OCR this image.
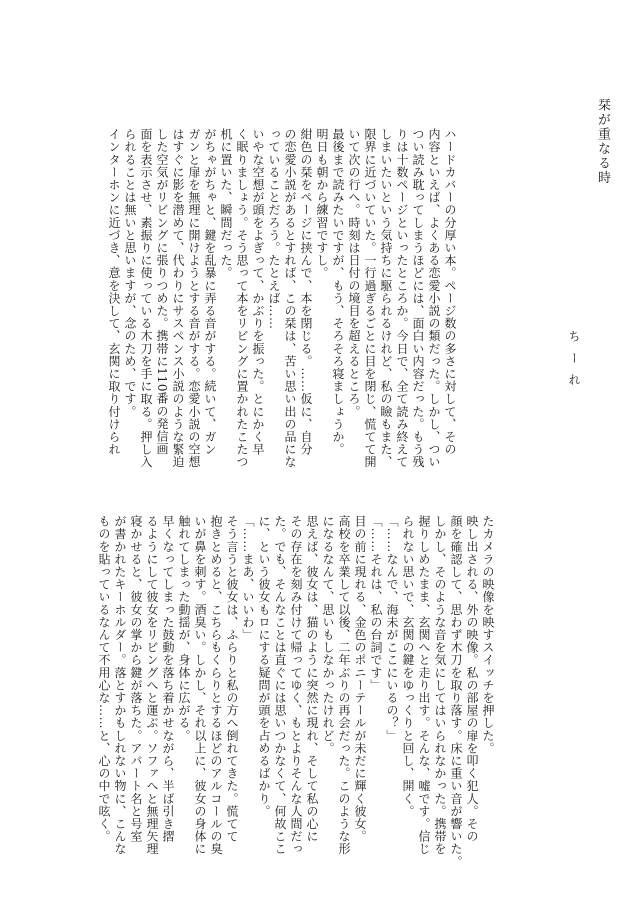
栞が重なる時
ち ー れ
ハードカバーの分厚い本。ページ数の多さに対して、その
内容といえば、よくある恋愛小説の類だった。しかし、つい
つい読み耽ってしまうほどには、面白い内容だった。もう残
りは十数ページといったところか。今日で、全て読み終えて
しまいたいという気持ちに駆られるけれど、私の瞼もまた、
限界に近づいていた。一行過ぎるごとに目を閉じ、慌てて開
いて次の行へ。時刻は日付の境目を超えるところ。
最後まで読みたいですが、もう、そろそろ寝ましょうか。
明日も朝から練習ですし。
紺色の栞をページに挟んで、本を閉じる。……仮に、自分
の恋愛小説があるとすれば、この栞は、苦い思い出の品にな
っていることだろう。たとえば……
いやな空想が頭をよぎって、かぶりを振った。とにかく早
く眠りましょう。そう思って本をリビングに置かれたこたつ
机に置いた、瞬間だった。
がちゃがちゃと、鍵を乱暴に弄る音がする。続いて、ガン
ガンと扉を無理に開けようとする音がする。恋愛小説の空想
はすぐに影を潜めて、代わりにサスペンス小説のような緊迫
した空気がリビングに張りつめた。携帯に110番の発信画
面を表示させ、素振りに使っている木刀を手に取る。押し入
られることは無いと思いますが、念のため、です。
インターホンに近づき、意を決して、玄関に取り付けられ
たカメラの映像を映すスイッチを押した。
映し出される、外の映像。私の部屋の扉を叩く犯人。その
顔を確認して、思わず木刀を取り落す。床に重い音が響いた。
しかし、そのような音を気にしてはいられなかった。携帯を
握りしめたまま、玄関へと走り出す。そんな、嘘です。信じ
られない思いで、玄関の鍵をゆっくりと回し、開く。
「……なんで、海未がここにいるの？」
「……それは、私の台詞です」
目の前に現れる、金色のポニーテールが未だに輝く彼女。
高校を卒業して以後、二年ぶりの再会だった。このような形
になるなんて、思いもしなかったけれど。
思えば、彼女は、猫のように突然に現れ、そして私の心に
その存在を刻み付けて帰ってゆく、もとよりそんな人間だっ
た。でも、そんなことは直ぐには思いつかなくて、何故ここ
に、という彼女もロにする疑問が頭を占めるばかり。
「……まあ、いいわ」
そう言うと彼女は、ふらりと私の方へ倒れてきた。慌てて
抱きとめると、こちらもくらりとするほどのアルコールの臭
いが鼻を刺す。酒臭い。しかし、それ以上に、彼女の身体に
触れてしまった動揺が、身体に広がる。
早くなってしまった鼓動を落ち着かせながら、半ば引き摺
るようにして彼女をリビングへと運ぶ。ソファへと無理矢理
寝かせると、彼女の掌から鍵が落ちた。アパート名と号室
が書かれたキーホルダー。落とすかもしれない物に、こんな
ものを貼っているなんて不用心な……と、心の中で呟く。
